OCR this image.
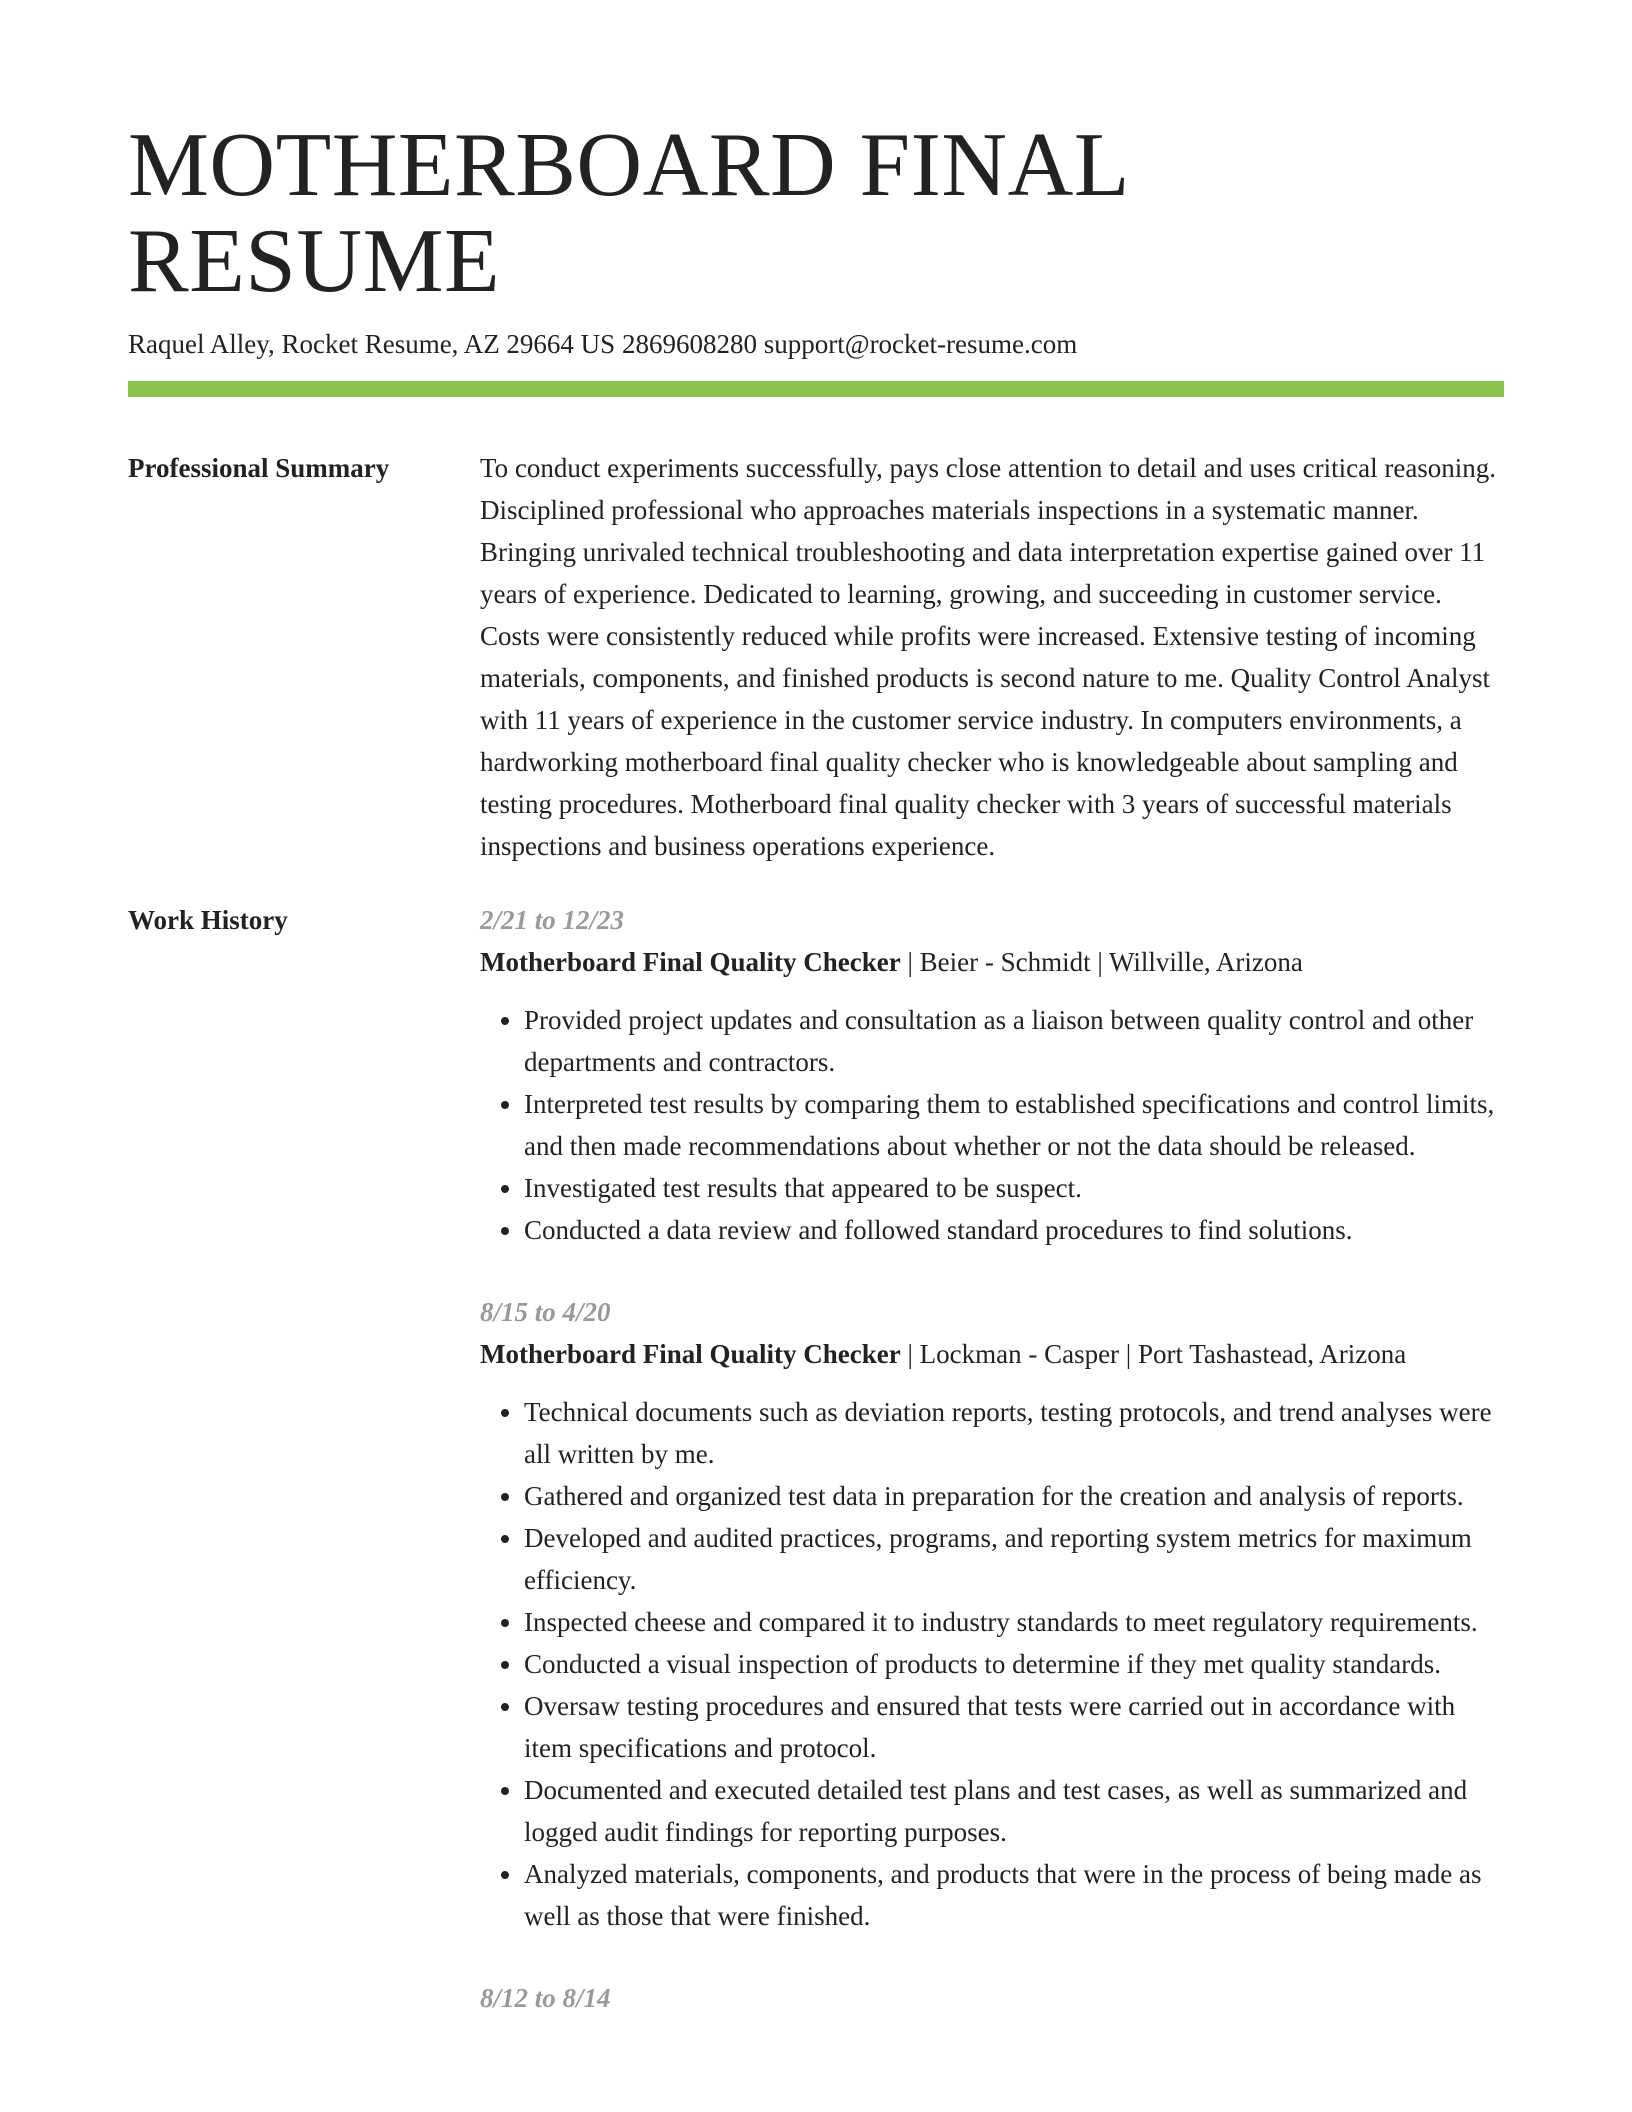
MOTHERBOARD FINAL RESUME
Raquel Alley, Rocket Resume, AZ 29664 US 2869608280 support@rocket-resume.com
Professional Summary	To conduct experiments successfully, pays close attention to detail and uses critical reasoning. Disciplined professional who approaches materials inspections in a systematic manner. Bringing unrivaled technical troubleshooting and data interpretation expertise gained over 11 years of experience. Dedicated to learning, growing, and succeeding in customer service. Costs were consistently reduced while profits were increased. Extensive testing of incoming materials, components, and finished products is second nature to me. Quality Control Analyst with 11 years of experience in the customer service industry. In computers environments, a hardworking motherboard final quality checker who is knowledgeable about sampling and testing procedures. Motherboard final quality checker with 3 years of successful materials inspections and business operations experience.

Work History	2/21 to 12/23
Motherboard Final Quality Checker | Beier - Schmidt | Willville, Arizona
• Provided project updates and consultation as a liaison between quality control and other departments and contractors.
• Interpreted test results by comparing them to established specifications and control limits, and then made recommendations about whether or not the data should be released.
• Investigated test results that appeared to be suspect.
• Conducted a data review and followed standard procedures to find solutions.
8/15 to 4/20
Motherboard Final Quality Checker | Lockman - Casper | Port Tashastead, Arizona
• Technical documents such as deviation reports, testing protocols, and trend analyses were all written by me.
• Gathered and organized test data in preparation for the creation and analysis of reports.
• Developed and audited practices, programs, and reporting system metrics for maximum efficiency.
• Inspected cheese and compared it to industry standards to meet regulatory requirements.
• Conducted a visual inspection of products to determine if they met quality standards.
• Oversaw testing procedures and ensured that tests were carried out in accordance with item specifications and protocol.
• Documented and executed detailed test plans and test cases, as well as summarized and logged audit findings for reporting purposes.
• Analyzed materials, components, and products that were in the process of being made as well as those that were finished.
8/12 to 8/14
